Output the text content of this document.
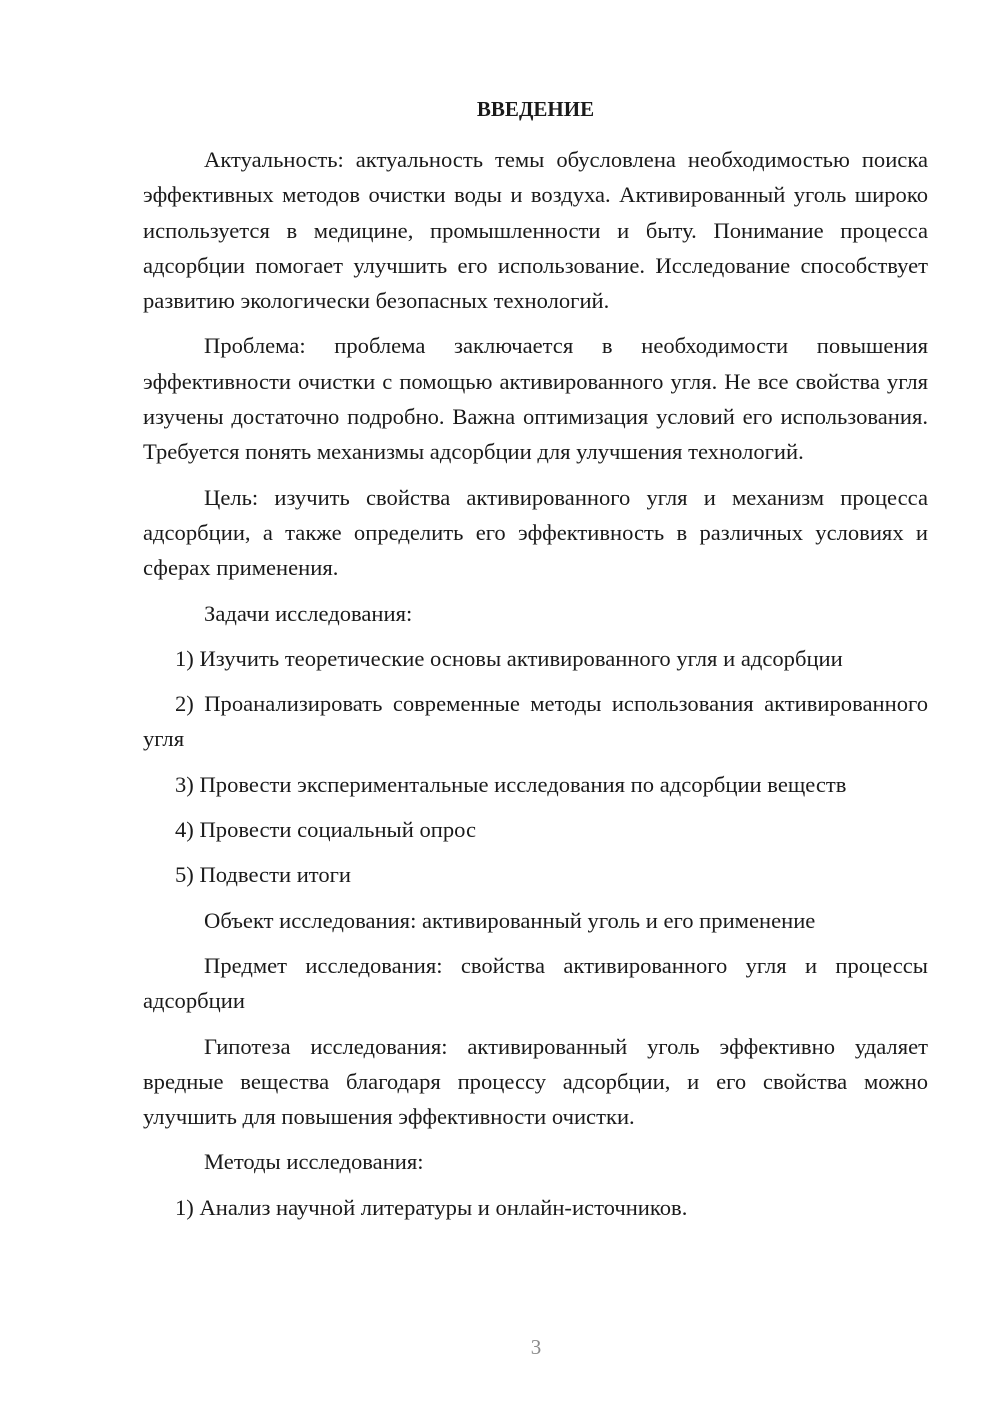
ВВЕДЕНИЕ

Актуальность: актуальность темы обусловлена необходимостью поиска эффективных методов очистки воды и воздуха. Активированный уголь широко используется в медицине, промышленности и быту. Понимание процесса адсорбции помогает улучшить его использование. Исследование способствует развитию экологически безопасных технологий.

Проблема: проблема заключается в необходимости повышения эффективности очистки с помощью активированного угля. Не все свойства угля изучены достаточно подробно. Важна оптимизация условий его использования. Требуется понять механизмы адсорбции для улучшения технологий.

Цель: изучить свойства активированного угля и механизм процесса адсорбции, а также определить его эффективность в различных условиях и сферах применения.

Задачи исследования:

1) Изучить теоретические основы активированного угля и адсорбции

2) Проанализировать современные методы использования активированного угля

3) Провести экспериментальные исследования по адсорбции веществ

4) Провести социальный опрос

5) Подвести итоги

Объект исследования: активированный уголь и его применение

Предмет исследования: свойства активированного угля и процессы адсорбции

Гипотеза исследования: активированный уголь эффективно удаляет вредные вещества благодаря процессу адсорбции, и его свойства можно улучшить для повышения эффективности очистки.

Методы исследования:

1) Анализ научной литературы и онлайн-источников.

3
